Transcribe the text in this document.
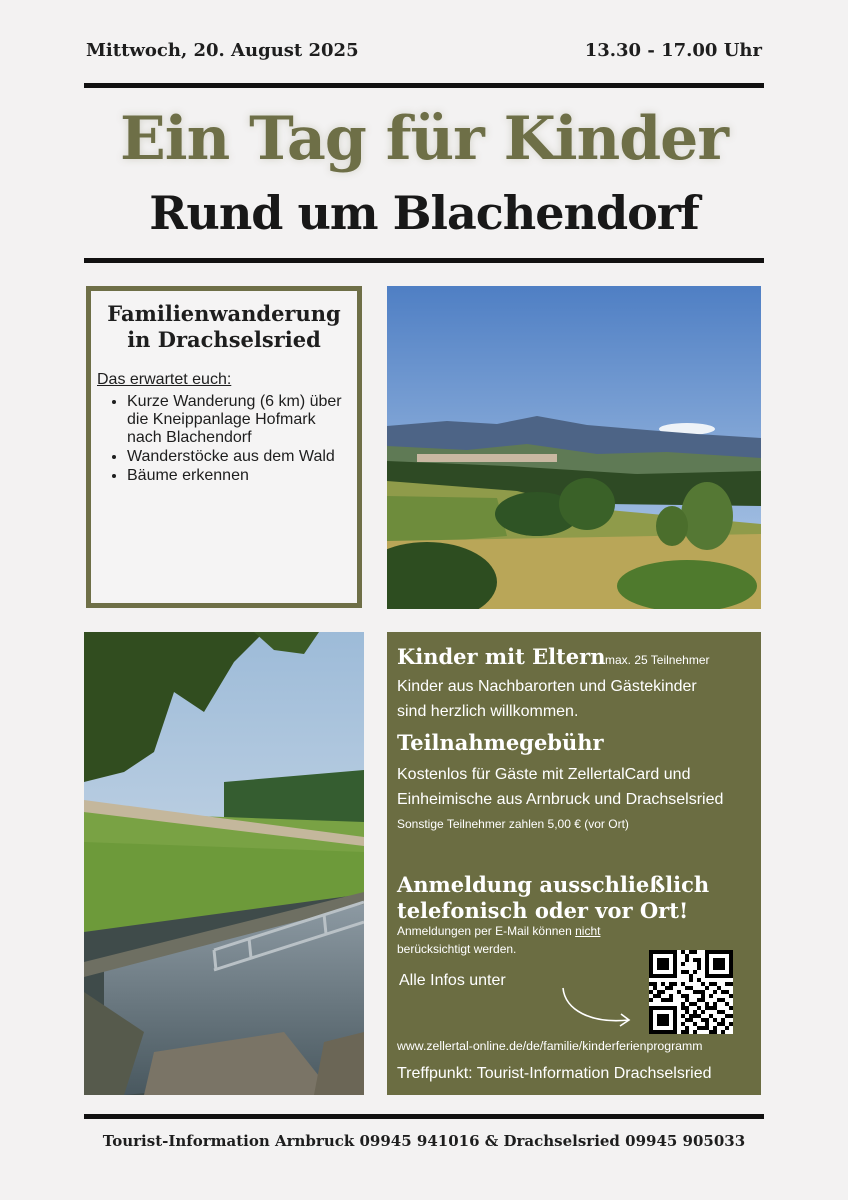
Mittwoch, 20. August 2025	13.30 - 17.00 Uhr
Ein Tag für Kinder
Rund um Blachendorf
Familienwanderung
in Drachselsried
Das erwartet euch:
• Kurze Wanderung (6 km) über die Kneippanlage Hofmark nach Blachendorf
• Wanderstöcke aus dem Wald
• Bäume erkennen
Kinder mit Eltern max. 25 Teilnehmer
Kinder aus Nachbarorten und Gästekinder
sind herzlich willkommen.
Teilnahmegebühr
Kostenlos für Gäste mit ZellertalCard und
Einheimische aus Arnbruck und Drachselsried
Sonstige Teilnehmer zahlen 5,00 € (vor Ort)
Anmeldung ausschließlich
telefonisch oder vor Ort!
Anmeldungen per E-Mail können nicht
berücksichtigt werden.
Alle Infos unter
www.zellertal-online.de/de/familie/kinderferienprogramm
Treffpunkt: Tourist-Information Drachselsried
Tourist-Information Arnbruck 09945 941016 & Drachselsried 09945 905033
